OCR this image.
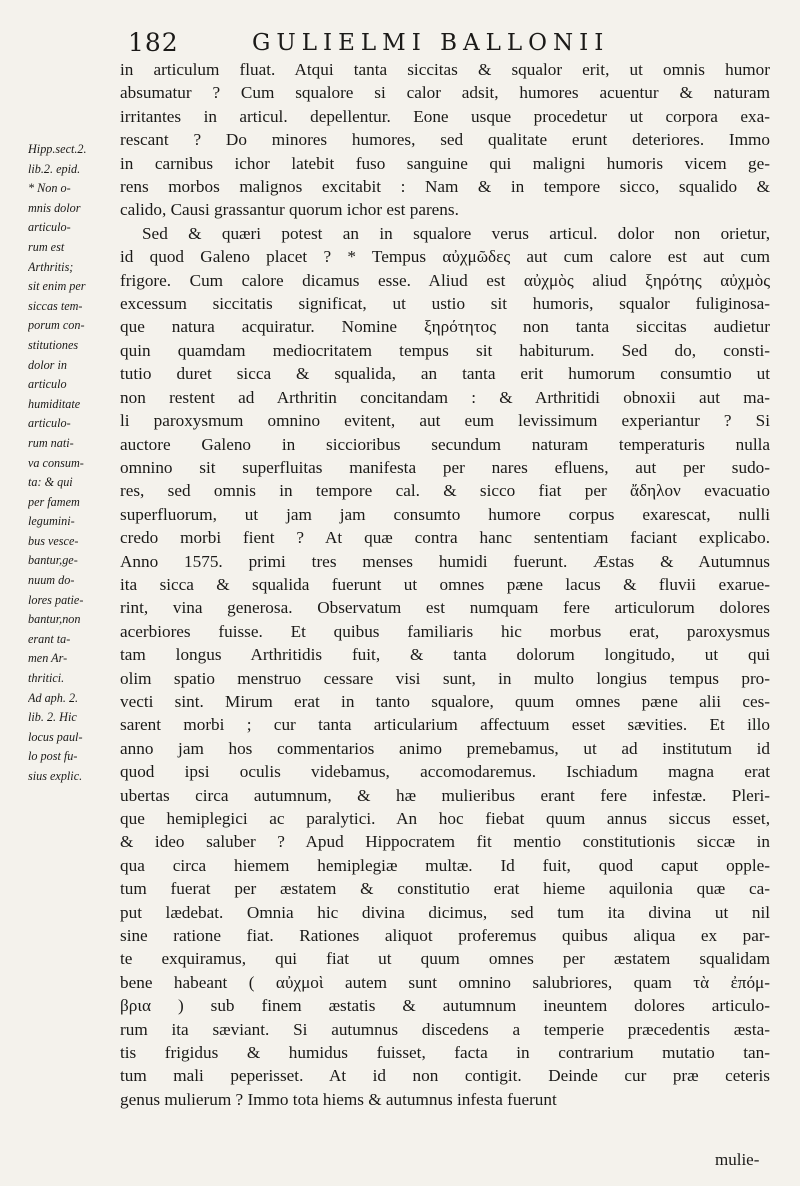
182	GULIELMI BALLONII
Hipp.sect.2.
lib.2. epid.
* Non o-
mnis dolor
articulo-
rum est
Arthritis;
sit enim per
siccas tem-
porum con-
stitutiones
dolor in
articulo
humiditate
articulo-
rum nati-
va consum-
ta: & qui
per famem
legumini-
bus vesce-
bantur,ge-
nuum do-
lores patie-
bantur,non
erant ta-
men Ar-
thritici.
Ad aph. 2.
lib. 2. Hic
locus paul-
lo post fu-
sius explic.
in articulum fluat. Atqui tanta siccitas & squalor erit, ut omnis humor
absumatur ? Cum squalore si calor adsit, humores acuentur & naturam
irritantes in articul. depellentur. Eone usque procedetur ut corpora exa-
rescant ? Do minores humores, sed qualitate erunt deteriores. Immo
in carnibus ichor latebit fuso sanguine qui maligni humoris vicem ge-
rens morbos malignos excitabit : Nam & in tempore sicco, squalido &
calido, Causi grassantur quorum ichor est parens.
Sed & quæri potest an in squalore verus articul. dolor non orietur,
id quod Galeno placet ? * Tempus αὐχμῶδες aut cum calore est aut cum
frigore. Cum calore dicamus esse. Aliud est αὐχμὸς aliud ξηρότης αὐχμὸς
excessum siccitatis significat, ut ustio sit humoris, squalor fuliginosa-
que natura acquiratur. Nomine ξηρότητος non tanta siccitas audietur
quin quamdam mediocritatem tempus sit habiturum. Sed do, consti-
tutio duret sicca & squalida, an tanta erit humorum consumtio ut
non restent ad Arthritin concitandam : & Arthritidi obnoxii aut ma-
li paroxysmum omnino evitent, aut eum levissimum experiantur ? Si
auctore Galeno in siccioribus secundum naturam temperaturis nulla
omnino sit superfluitas manifesta per nares efluens, aut per sudo-
res, sed omnis in tempore cal. & sicco fiat per ἄδηλον evacuatio
superfluorum, ut jam jam consumto humore corpus exarescat, nulli
credo morbi fient ? At quæ contra hanc sententiam faciant explicabo.
Anno 1575. primi tres menses humidi fuerunt. Æstas & Autumnus
ita sicca & squalida fuerunt ut omnes pæne lacus & fluvii exarue-
rint, vina generosa. Observatum est numquam fere articulorum dolores
acerbiores fuisse. Et quibus familiaris hic morbus erat, paroxysmus
tam longus Arthritidis fuit, & tanta dolorum longitudo, ut qui
olim spatio menstruo cessare visi sunt, in multo longius tempus pro-
vecti sint. Mirum erat in tanto squalore, quum omnes pæne alii ces-
sarent morbi ; cur tanta articularium affectuum esset sævities. Et illo
anno jam hos commentarios animo premebamus, ut ad institutum id
quod ipsi oculis videbamus, accomodaremus. Ischiadum magna erat
ubertas circa autumnum, & hæ mulieribus erant fere infestæ. Pleri-
que hemiplegici ac paralytici. An hoc fiebat quum annus siccus esset,
& ideo saluber ? Apud Hippocratem fit mentio constitutionis siccæ in
qua circa hiemem hemiplegiæ multæ. Id fuit, quod caput opple-
tum fuerat per æstatem & constitutio erat hieme aquilonia quæ ca-
put lædebat. Omnia hic divina dicimus, sed tum ita divina ut nil
sine ratione fiat. Rationes aliquot proferemus quibus aliqua ex par-
te exquiramus, qui fiat ut quum omnes per æstatem squalidam
bene habeant ( αὐχμοὶ autem sunt omnino salubriores, quam τὰ ἐπόμ-
βρια ) sub finem æstatis & autumnum ineuntem dolores articulo-
rum ita sæviant. Si autumnus discedens a temperie præcedentis æsta-
tis frigidus & humidus fuisset, facta in contrarium mutatio tan-
tum mali peperisset. At id non contigit. Deinde cur præ ceteris
genus mulierum ? Immo tota hiems & autumnus infesta fuerunt
mulie-
